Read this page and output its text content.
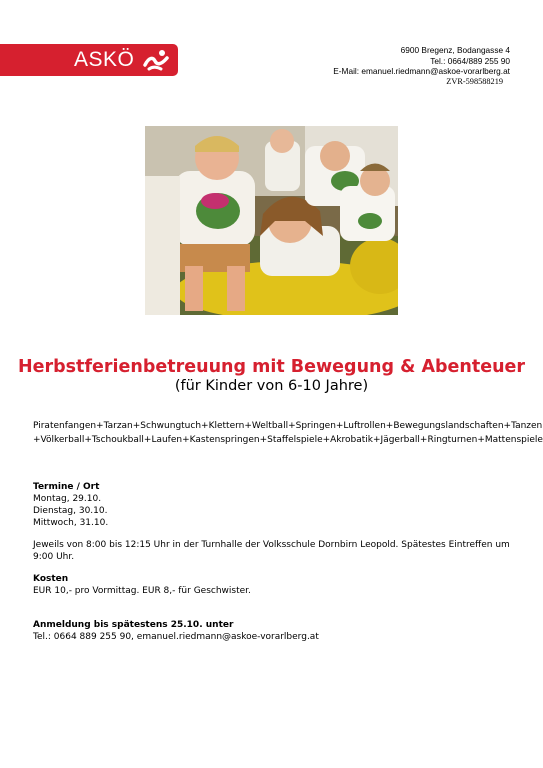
ASKÖ	6900 Bregenz, Bodangasse 4
Tel.: 0664/889 255 90
E-Mail: emanuel.riedmann@askoe-vorarlberg.at
ZVR-598588219
Herbstferienbetreuung mit Bewegung & Abenteuer
(für Kinder von 6-10 Jahre)
Piratenfangen+Tarzan+Schwungtuch+Klettern+Weltball+Springen+Luftrollen+Bewegungslandschaften+Tanzen +Völkerball+Tschoukball+Laufen+Kastenspringen+Staffelspiele+Akrobatik+Jägerball+Ringturnen+Mattenspiele
Termine / Ort
Montag, 29.10.
Dienstag, 30.10.
Mittwoch, 31.10.
Jeweils von 8:00 bis 12:15 Uhr in der Turnhalle der Volksschule Dornbirn Leopold. Spätestes Eintreffen um 9:00 Uhr.
Kosten
EUR 10,- pro Vormittag. EUR 8,- für Geschwister.
Anmeldung bis spätestens 25.10. unter
Tel.: 0664 889 255 90, emanuel.riedmann@askoe-vorarlberg.at
